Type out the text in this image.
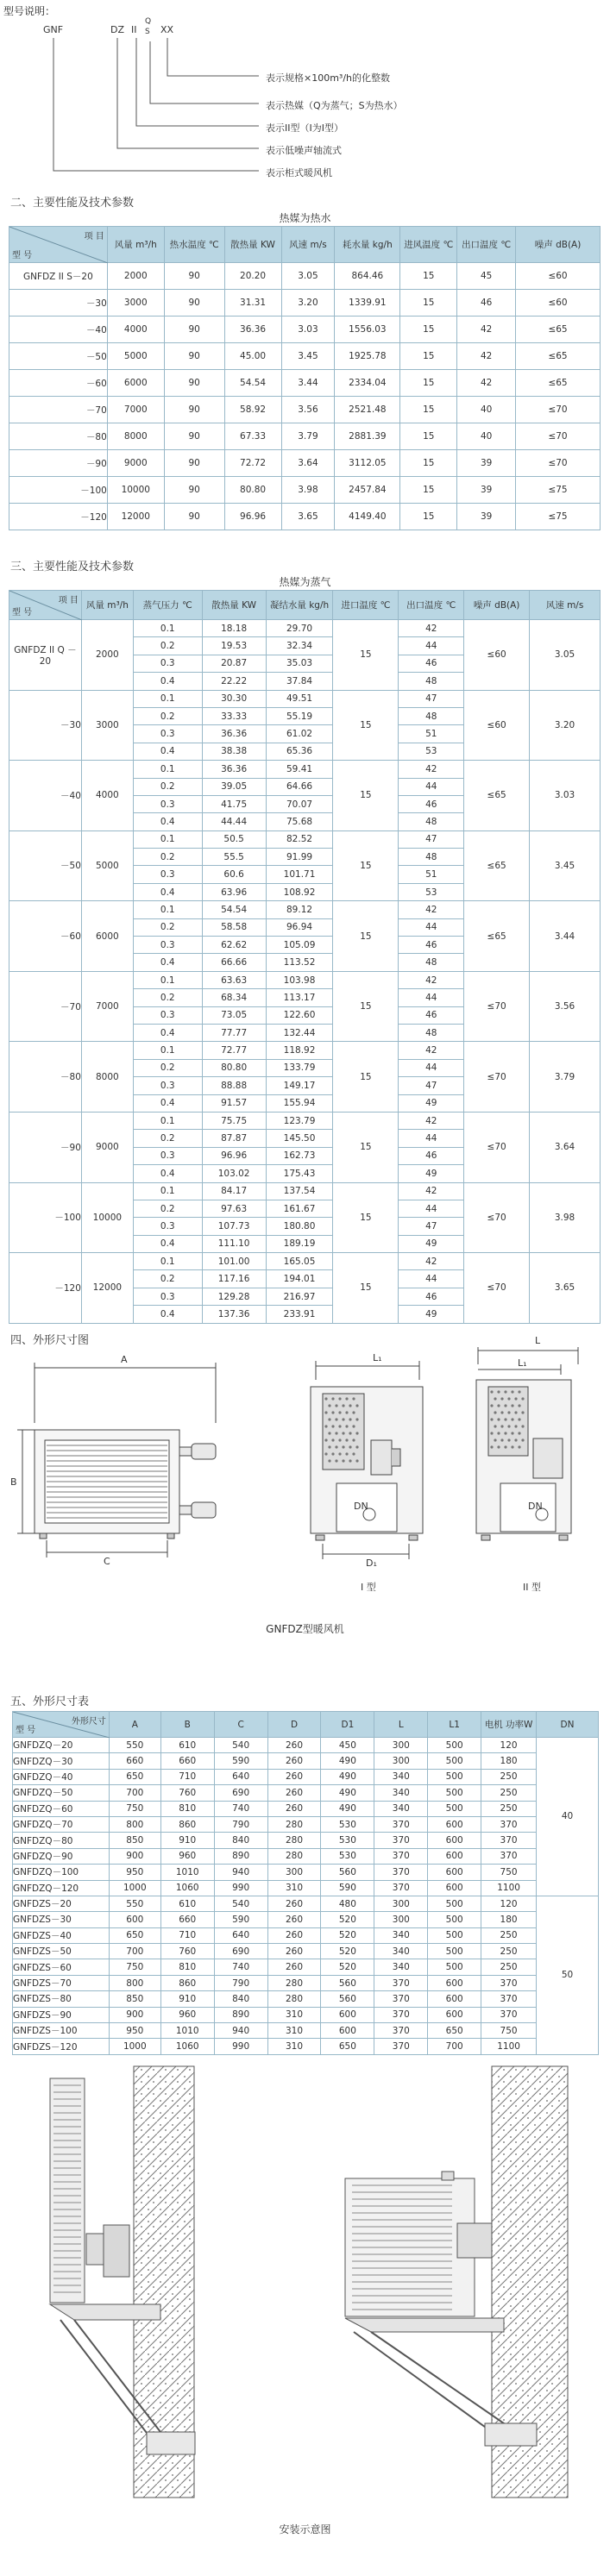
型号说明：
GNF	DZ II
Q
S XX
表示规格×100m³/h的化整数
表示热媒（Q为蒸气；S为热水）
表示II型（I为I型）
表示低噪声轴流式
表示柜式暖风机
二、主要性能及技术参数
热媒为热水
项 目
型 号	风量 m³/h	热水温度 ℃	散热量 KW	风速 m/s	耗水量 kg/h	进风温度 ℃	出口温度 ℃	噪声 dB(A)
GNFDZ II S－20	2000	90	20.20	3.05	864.46	15	45	≤60
－30	3000	90	31.31	3.20	1339.91	15	46	≤60
－40	4000	90	36.36	3.03	1556.03	15	42	≤65
－50	5000	90	45.00	3.45	1925.78	15	42	≤65
－60	6000	90	54.54	3.44	2334.04	15	42	≤65
－70	7000	90	58.92	3.56	2521.48	15	40	≤70
－80	8000	90	67.33	3.79	2881.39	15	40	≤70
－90	9000	90	72.72	3.64	3112.05	15	39	≤70
－100	10000	90	80.80	3.98	2457.84	15	39	≤75
－120	12000	90	96.96	3.65	4149.40	15	39	≤75
三、主要性能及技术参数
热媒为蒸气
项 目
型 号	风量 m³/h	蒸气压力 ℃	散热量 KW	凝结水量 kg/h	进口温度 ℃	出口温度 ℃	噪声 dB(A)	风速 m/s
GNFDZ II Q －20	2000	0.1	18.18	29.70	15	42	≤60	3.05
		0.2	19.53	32.34		44		
		0.3	20.87	35.03		46		
		0.4	22.22	37.84		48		
－30	3000	0.1	30.30	49.51	15	47	≤60	3.20
		0.2	33.33	55.19		48		
		0.3	36.36	61.02		51		
		0.4	38.38	65.36		53		
－40	4000	0.1	36.36	59.41	15	42	≤65	3.03
		0.2	39.05	64.66		44		
		0.3	41.75	70.07		46		
		0.4	44.44	75.68		48		
－50	5000	0.1	50.5	82.52	15	47	≤65	3.45
		0.2	55.5	91.99		48		
		0.3	60.6	101.71		51		
		0.4	63.96	108.92		53		
－60	6000	0.1	54.54	89.12	15	42	≤65	3.44
		0.2	58.58	96.94		44		
		0.3	62.62	105.09		46		
		0.4	66.66	113.52		48		
－70	7000	0.1	63.63	103.98	15	42	≤70	3.56
		0.2	68.34	113.17		44		
		0.3	73.05	122.60		46		
		0.4	77.77	132.44		48		
－80	8000	0.1	72.77	118.92	15	42	≤70	3.79
		0.2	80.80	133.79		44		
		0.3	88.88	149.17		47		
		0.4	91.57	155.94		49		
－90	9000	0.1	75.75	123.79	15	42	≤70	3.64
		0.2	87.87	145.50		44		
		0.3	96.96	162.73		46		
		0.4	103.02	175.43		49		
－100	10000	0.1	84.17	137.54	15	42	≤70	3.98
		0.2	97.63	161.67		44		
		0.3	107.73	180.80		47		
		0.4	111.10	189.19		49		
－120	12000	0.1	101.00	165.05	15	42	≤70	3.65
		0.2	117.16	194.01		44		
		0.3	129.28	216.97		46		
		0.4	137.36	233.91		49		
四、外形尺寸图
A
B
C
L₁
DN
D₁
I 型
L
L₁
DN
II 型
GNFDZ型暖风机
五、外形尺寸表
外形尺寸
型 号	A	B	C	D	D1	L	L1	电机 功率W	DN
GNFDZQ－20	550	610	540	260	450	300	500	120	40
GNFDZQ－30	660	660	590	260	490	300	500	180	
GNFDZQ－40	650	710	640	260	490	340	500	250	
GNFDZQ－50	700	760	690	260	490	340	500	250	
GNFDZQ－60	750	810	740	260	490	340	500	250	
GNFDZQ－70	800	860	790	280	530	370	600	370	
GNFDZQ－80	850	910	840	280	530	370	600	370	
GNFDZQ－90	900	960	890	280	530	370	600	370	
GNFDZQ－100	950	1010	940	300	560	370	600	750	
GNFDZQ－120	1000	1060	990	310	590	370	600	1100	
GNFDZS－20	550	610	540	260	480	300	500	120	50
GNFDZS－30	600	660	590	260	520	300	500	180	
GNFDZS－40	650	710	640	260	520	340	500	250	
GNFDZS－50	700	760	690	260	520	340	500	250	
GNFDZS－60	750	810	740	260	520	340	500	250	
GNFDZS－70	800	860	790	280	560	370	600	370	
GNFDZS－80	850	910	840	280	560	370	600	370	
GNFDZS－90	900	960	890	310	600	370	600	370	
GNFDZS－100	950	1010	940	310	600	370	650	750	
GNFDZS－120	1000	1060	990	310	650	370	700	1100	
安装示意图
